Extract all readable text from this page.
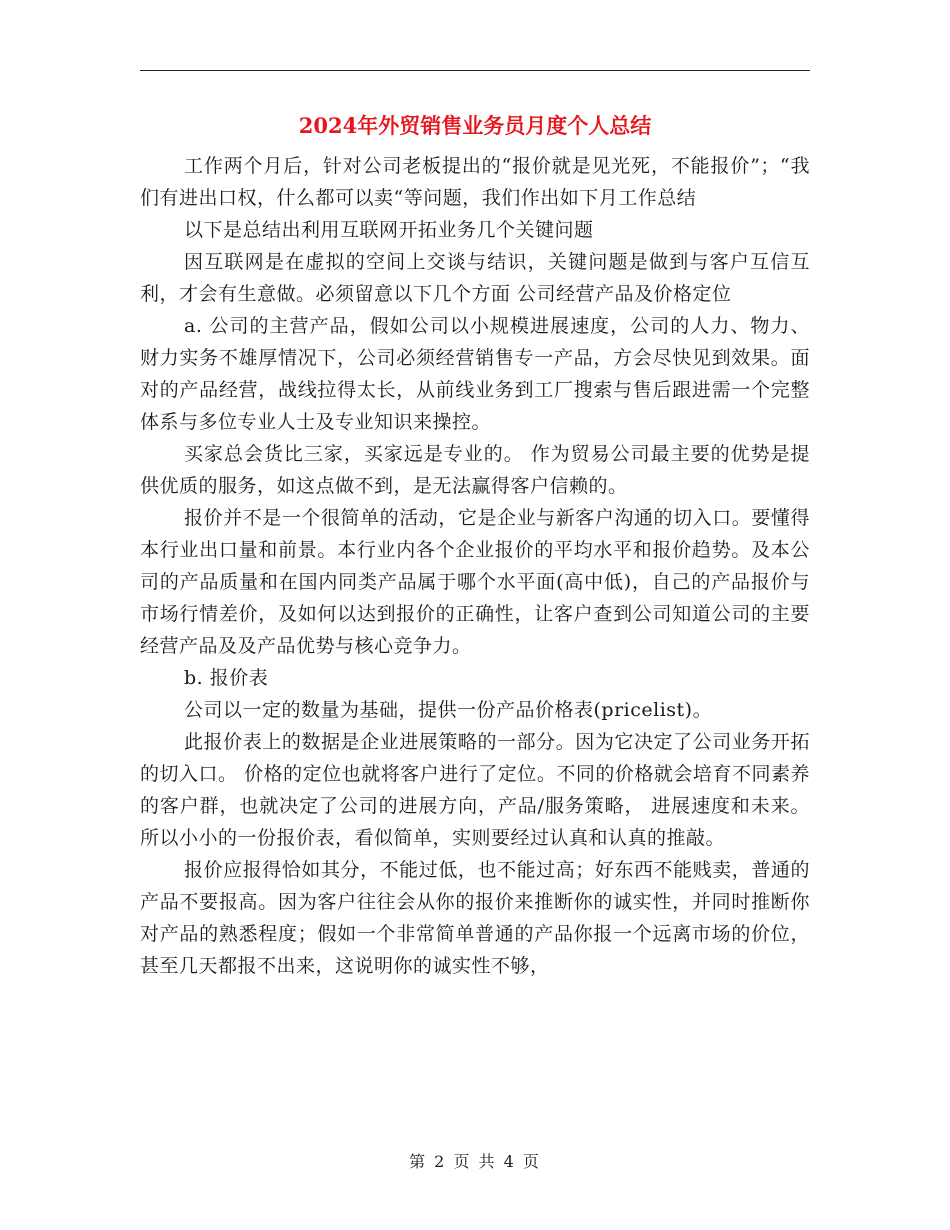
2024年外贸销售业务员月度个人总结

工作两个月后，针对公司老板提出的“报价就是见光死，不能报价”；“我们有进出口权，什么都可以卖“等问题，我们作出如下月工作总结

以下是总结出利用互联网开拓业务几个关键问题

因互联网是在虚拟的空间上交谈与结识，关键问题是做到与客户互信互利，才会有生意做。必须留意以下几个方面 公司经营产品及价格定位

a. 公司的主营产品，假如公司以小规模进展速度，公司的人力、物力、财力实务不雄厚情况下，公司必须经营销售专一产品，方会尽快见到效果。面对的产品经营，战线拉得太长，从前线业务到工厂搜索与售后跟进需一个完整体系与多位专业人士及专业知识来操控。

买家总会货比三家，买家远是专业的。 作为贸易公司最主要的优势是提供优质的服务，如这点做不到，是无法赢得客户信赖的。

报价并不是一个很简单的活动，它是企业与新客户沟通的切入口。要懂得本行业出口量和前景。本行业内各个企业报价的平均水平和报价趋势。及本公司的产品质量和在国内同类产品属于哪个水平面(高中低)，自己的产品报价与市场行情差价，及如何以达到报价的正确性，让客户查到公司知道公司的主要经营产品及及产品优势与核心竞争力。

b. 报价表

公司以一定的数量为基础，提供一份产品价格表(pricelist)。

此报价表上的数据是企业进展策略的一部分。因为它决定了公司业务开拓的切入口。 价格的定位也就将客户进行了定位。不同的价格就会培育不同素养的客户群，也就决定了公司的进展方向，产品/服务策略， 进展速度和未来。所以小小的一份报价表，看似简单，实则要经过认真和认真的推敲。

报价应报得恰如其分，不能过低，也不能过高；好东西不能贱卖，普通的产品不要报高。因为客户往往会从你的报价来推断你的诚实性，并同时推断你对产品的熟悉程度；假如一个非常简单普通的产品你报一个远离市场的价位，甚至几天都报不出来，这说明你的诚实性不够，

第 2 页 共 4 页
